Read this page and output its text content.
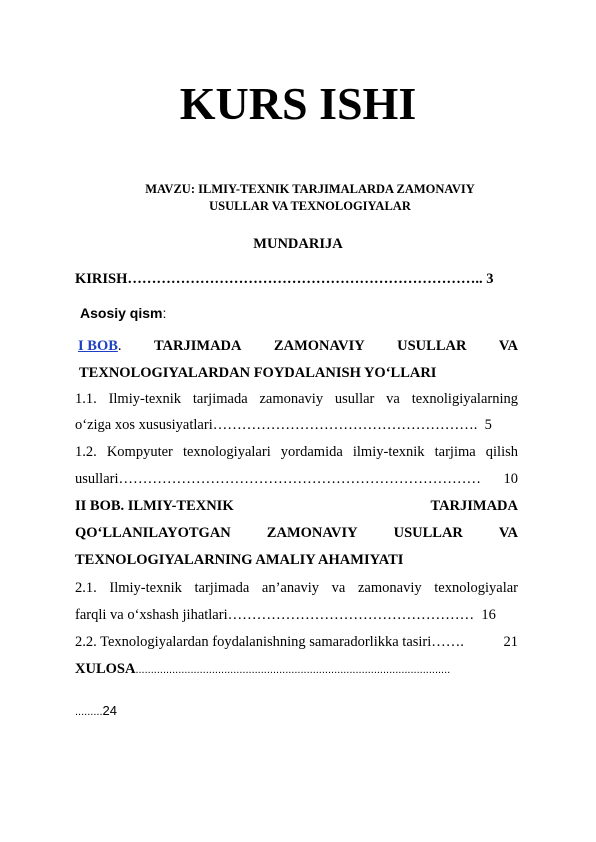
KURS ISHI
MAVZU: ILMIY-TEXNIK TARJIMALARDA ZAMONAVIY
USULLAR VA TEXNOLOGIYALAR
MUNDARIJA
KIRISH……………………………………………………………….. 3
Asosiy qism:
I BOB. TARJIMADA ZAMONAVIY USULLAR VA
TEXNOLOGIYALARDAN FOYDALANISH YO‘LLARI
1.1. Ilmiy-texnik tarjimada zamonaviy usullar va texnoligiyalarning
o‘ziga xos xususiyatlari………………………………………………. 5
1.2. Kompyuter texnologiyalari yordamida ilmiy-texnik tarjima qilish
usullari………………………………………………………………… 10
II BOB. ILMIY-TEXNIK	TARJIMADA
QO‘LLANILAYOTGAN ZAMONAVIY USULLAR VA
TEXNOLOGIYALARNING AMALIY AHAMIYATI
2.1. Ilmiy-texnik tarjimada an’anaviy va zamonaviy texnologiyalar
farqli va o‘xshash jihatlari…………………………………………… 16
2.2. Texnologiyalardan foydalanishning samaradorlikka tasiri…….	21
XULOSA.......................................................................................................
.........24
